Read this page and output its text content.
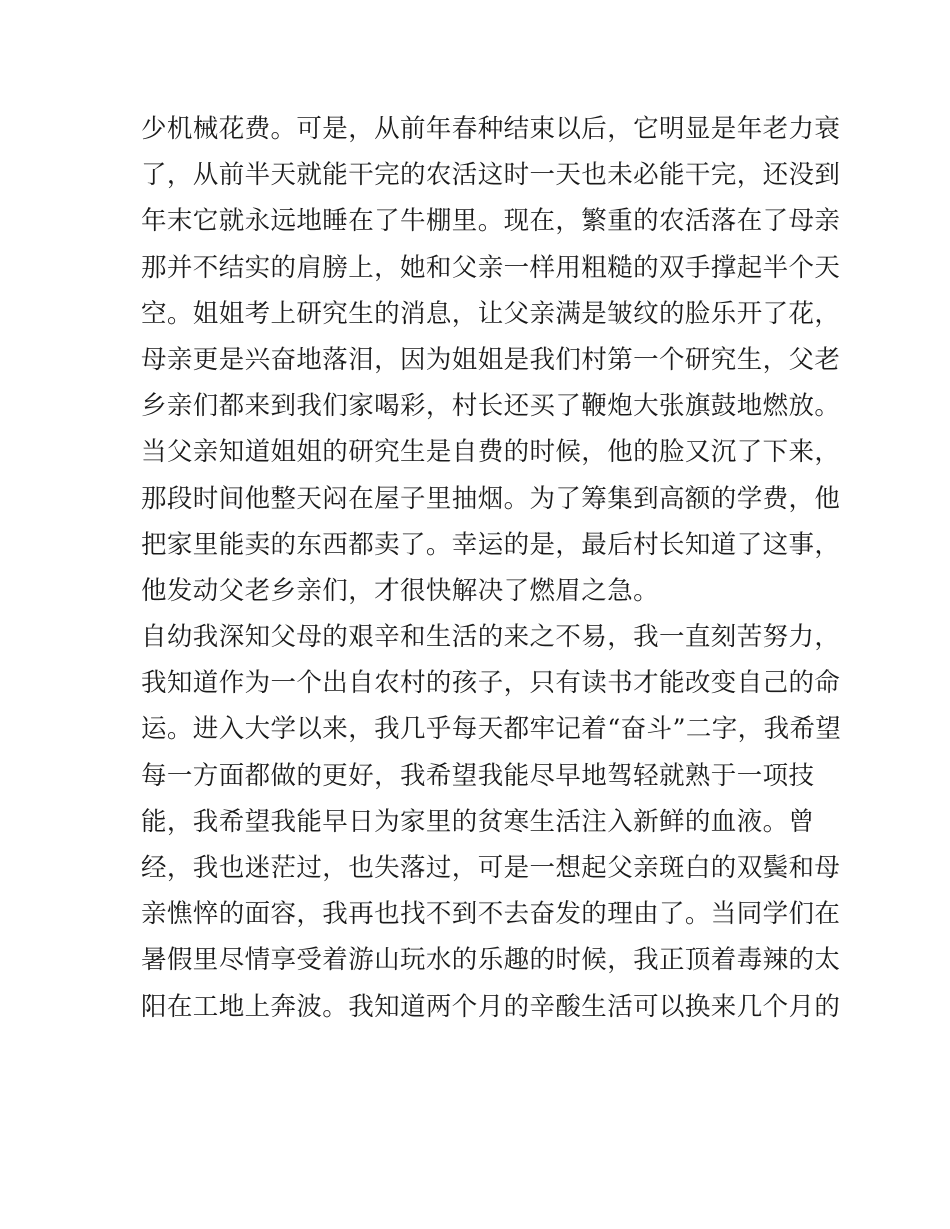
少机械花费。可是，从前年春种结束以后，它明显是年老力衰
了，从前半天就能干完的农活这时一天也未必能干完，还没到
年末它就永远地睡在了牛棚里。现在，繁重的农活落在了母亲
那并不结实的肩膀上，她和父亲一样用粗糙的双手撑起半个天
空。姐姐考上研究生的消息，让父亲满是皱纹的脸乐开了花，
母亲更是兴奋地落泪，因为姐姐是我们村第一个研究生，父老
乡亲们都来到我们家喝彩，村长还买了鞭炮大张旗鼓地燃放。
当父亲知道姐姐的研究生是自费的时候，他的脸又沉了下来，
那段时间他整天闷在屋子里抽烟。为了筹集到高额的学费，他
把家里能卖的东西都卖了。幸运的是，最后村长知道了这事，
他发动父老乡亲们，才很快解决了燃眉之急。
自幼我深知父母的艰辛和生活的来之不易，我一直刻苦努力，
我知道作为一个出自农村的孩子，只有读书才能改变自己的命
运。进入大学以来，我几乎每天都牢记着“奋斗”二字，我希望
每一方面都做的更好，我希望我能尽早地驾轻就熟于一项技
能，我希望我能早日为家里的贫寒生活注入新鲜的血液。曾
经，我也迷茫过，也失落过，可是一想起父亲斑白的双鬓和母
亲憔悴的面容，我再也找不到不去奋发的理由了。当同学们在
暑假里尽情享受着游山玩水的乐趣的时候，我正顶着毒辣的太
阳在工地上奔波。我知道两个月的辛酸生活可以换来几个月的
